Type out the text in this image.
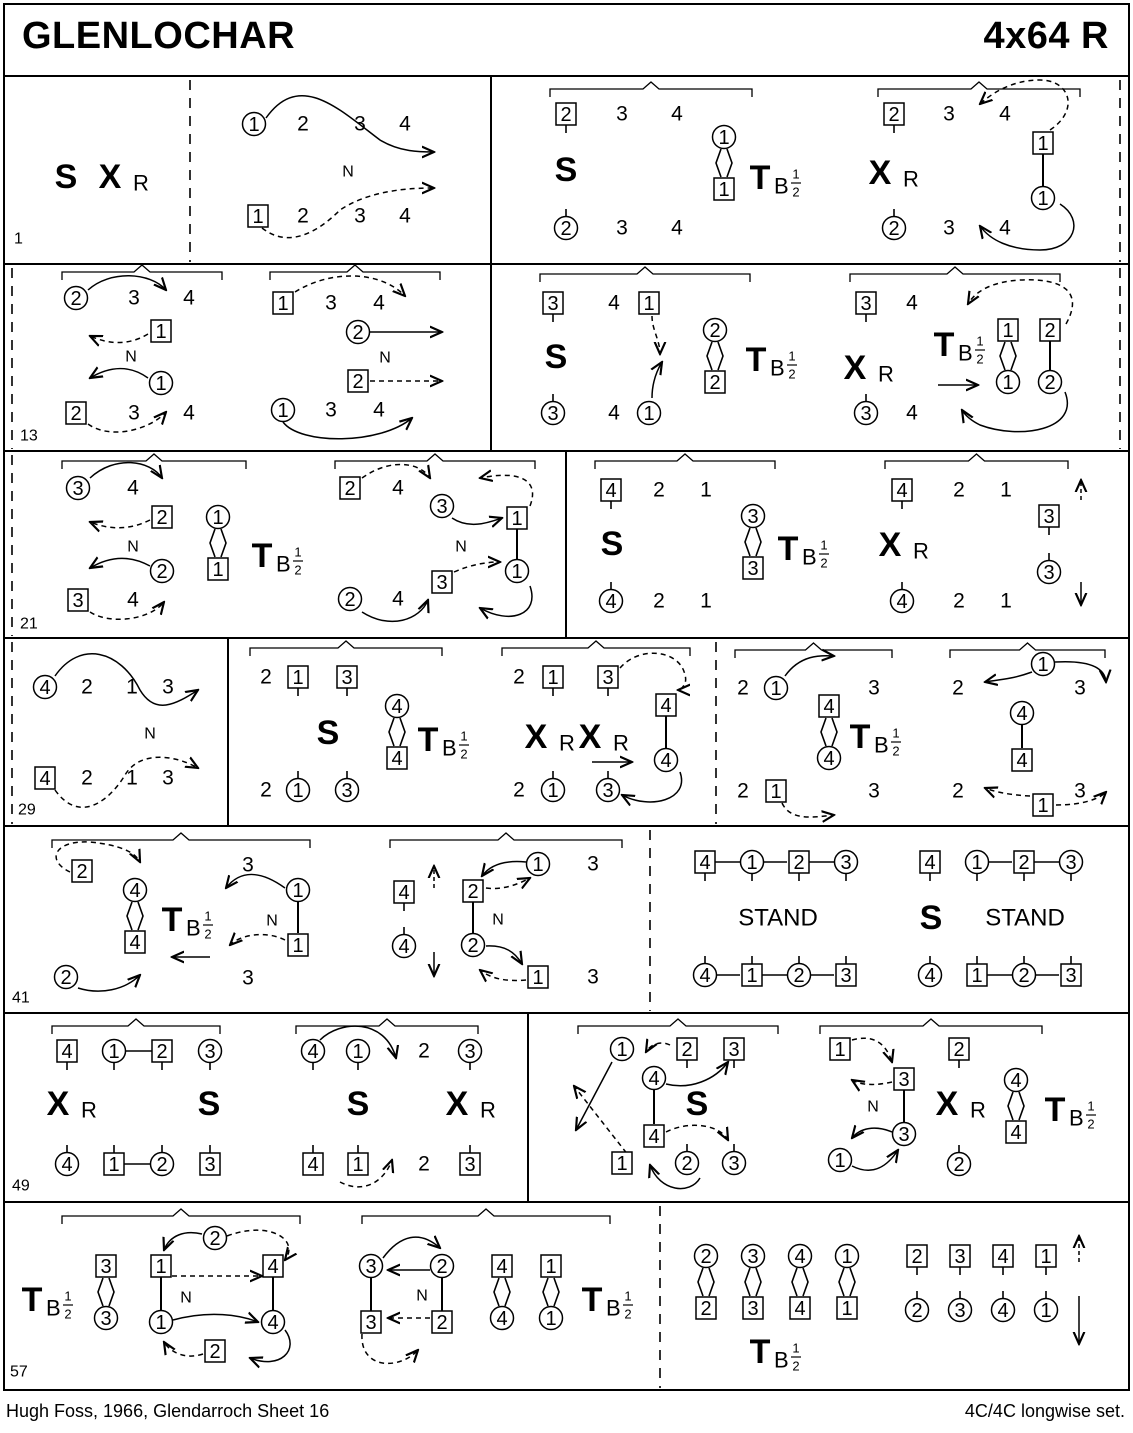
GLENLOCHAR	4x64 R
1
13
21
29
41
49
57
S X R
1 2 3 4
N
1 2 3 4
2 3 4
S
2 3 4
1
1 T B 1
2
2 3 4
X R
2 3 4
1
1
2 3 4
1
N
1
2 3 4
1 3 4
2
N
2
1 3 4
3 4 1
S
3 4 1
2
2
T B 1
2
3 4
X R
3 4
T B 1
2
1
1
2
2
3 4
2
N
2
3 4
1
1 T B 1
2
2 4
3
1
1
N
3
2 4
4 2 1
S
4 2 1
3
3
T B 1
2
4 2 1
X R
4 2 1
3
3
4 2 1 3
N
4 2 1 3
2 1 3
S
2 1 3
4
4 T B 1
2
2 1 3
X R X R
2 1 3
4
4
2 1	3
4
4
T B 1
2
2 1	3
2
1
3
4
4
2
1
3
2
4
4
T B 1
2
3
N
1
1
3
2
4
4
2
2
1 3
N
1 3
4 1 2 3
STAND
4 1 2 3
4 1 2 3
S STAND
4 1 2 3
4 1 2 3
X R	S
4 1 2 3
4 1	2 3
S X R
4 1	2 3
1	2 3
4
4
S
1	2 3
1	2
3
N
3
1
X R
2
4
4
T B 1
2
T B 1
2
3
3
2
1
N
1
4
4
2
3
3
2
N
2
4
4
1
1 T B 1
2
2
2
3
3
4
4
1
1
T B 1
2
2 3 4 1
2 3 4 1
Hugh Foss, 1966, Glendarroch Sheet 16	4C/4C longwise set.
